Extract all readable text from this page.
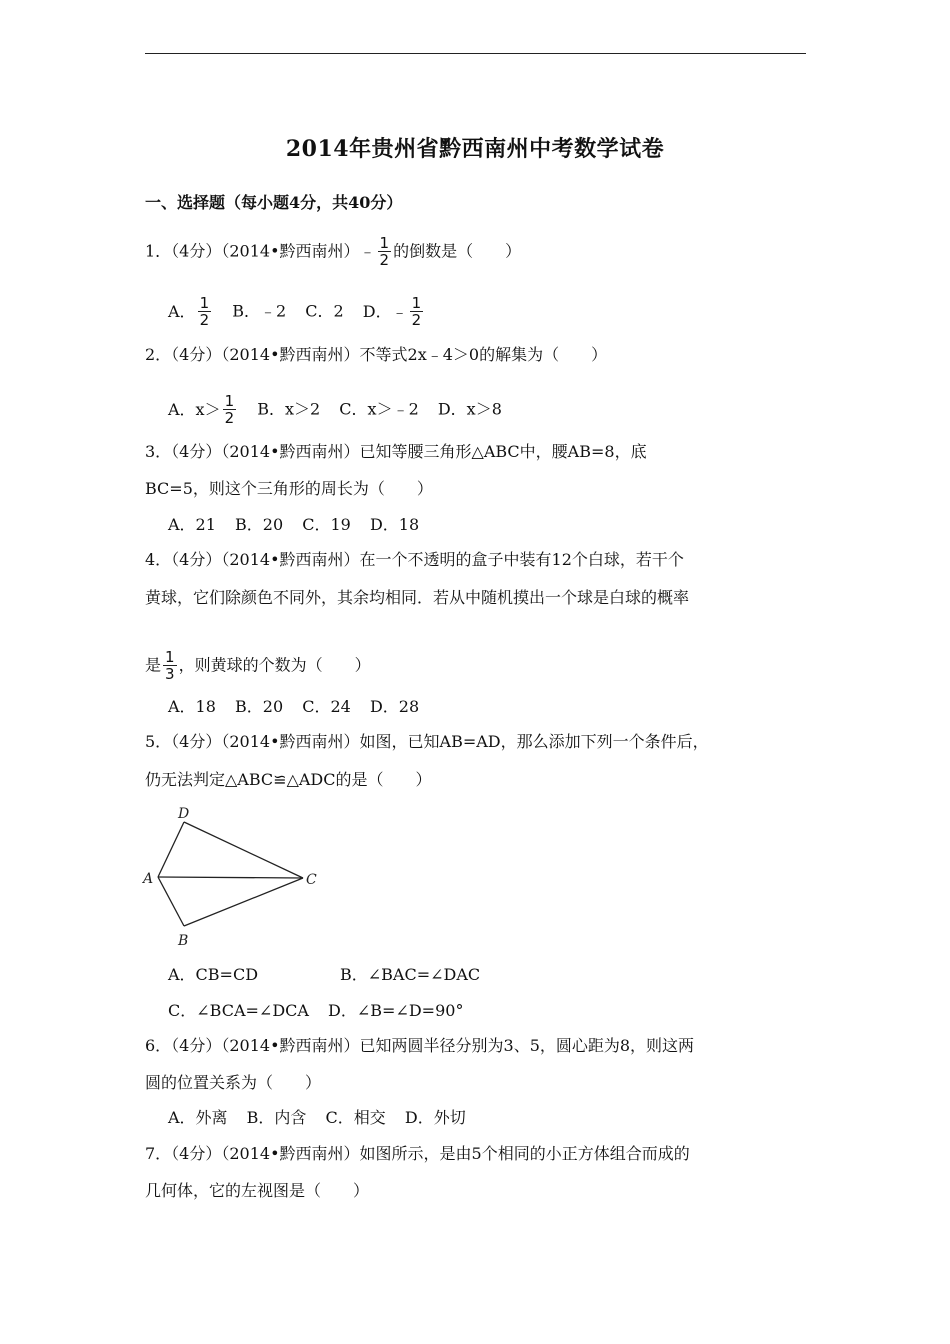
2014年贵州省黔西南州中考数学试卷
一、选择题（每小题4分，共40分）
1．（4分）（2014•黔西南州）﹣ $\frac{1}{2}$ 的倒数是（　　）
A． $\frac{1}{2}$ B．﹣2 C．2 D．﹣ $\frac{1}{2}$
2．（4分）（2014•黔西南州）不等式2x﹣4＞0的解集为（　　）
A．$x> \frac{1}{2}$ B．x＞2 C．x＞﹣2 D．x＞8
3．（4分）（2014•黔西南州）已知等腰三角形△ABC中，腰AB=8，底
BC=5，则这个三角形的周长为（　　）
A．21 B．20 C．19 D．18
4．（4分）（2014•黔西南州）在一个不透明的盒子中装有12个白球，若干个
黄球，它们除颜色不同外，其余均相同．若从中随机摸出一个球是白球的概率
是 $\frac{1}{3}$ ，则黄球的个数为（　　）
A．18 B．20 C．24 D．28
5．（4分）（2014•黔西南州）如图，已知AB=AD，那么添加下列一个条件后，
仍无法判定△ABC≌△ADC的是（　　）
D
A	C
B
A．CB=CD	B．∠BAC=∠DAC
C．∠BCA=∠DCA D．∠B=∠D=90°
6．（4分）（2014•黔西南州）已知两圆半径分别为3、5，圆心距为8，则这两
圆的位置关系为（　　）
A．外离 B．内含 C．相交 D．外切
7．（4分）（2014•黔西南州）如图所示，是由5个相同的小正方体组合而成的
几何体，它的左视图是（　　）
